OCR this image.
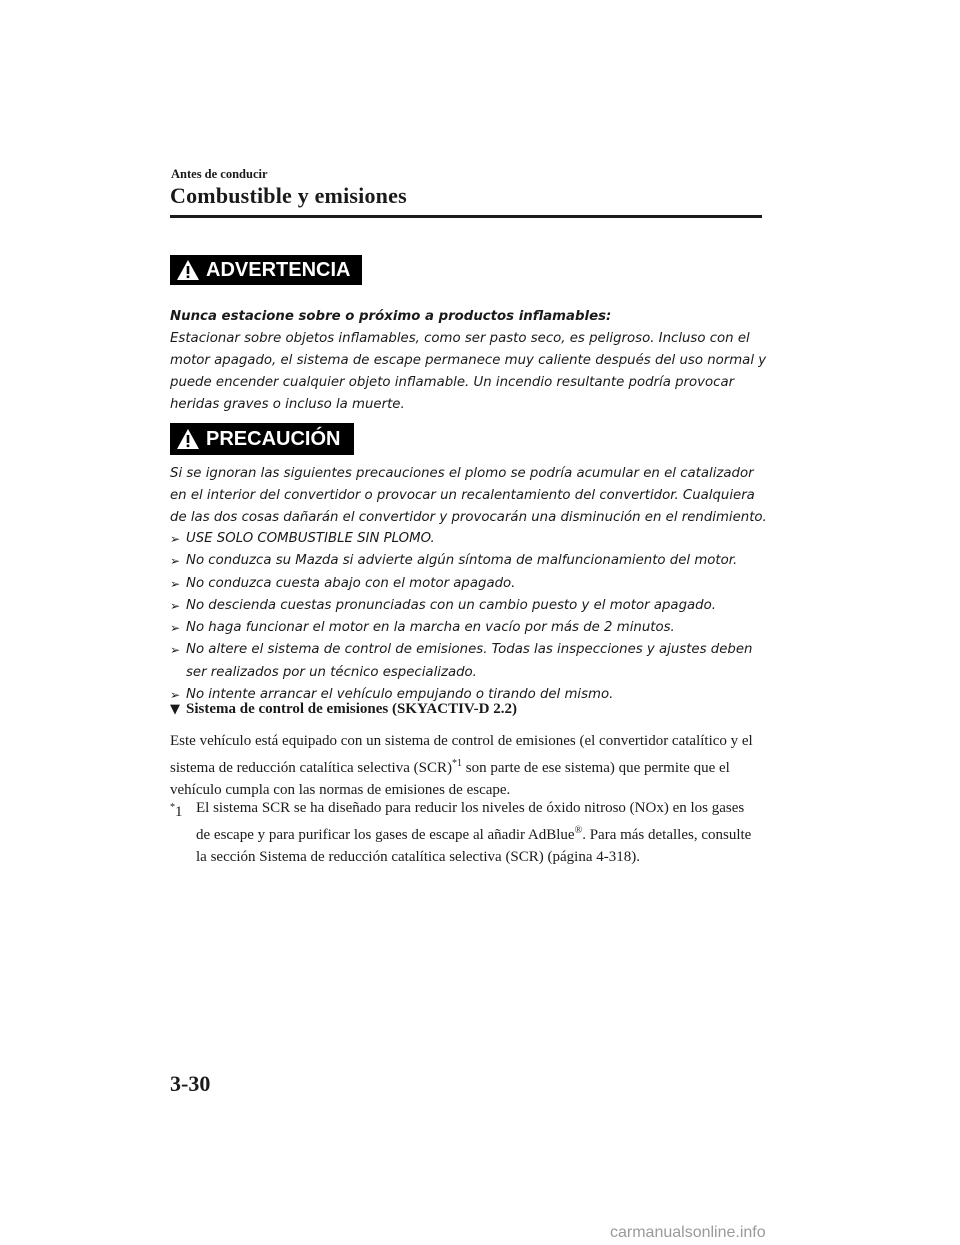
Antes de conducir
Combustible y emisiones
ADVERTENCIA

Nunca estacione sobre o próximo a productos inflamables:

Estacionar sobre objetos inflamables, como ser pasto seco, es peligroso. Incluso con el motor apagado, el sistema de escape permanece muy caliente después del uso normal y puede encender cualquier objeto inflamable. Un incendio resultante podría provocar heridas graves o incluso la muerte.

PRECAUCIÓN

Si se ignoran las siguientes precauciones el plomo se podría acumular en el catalizador en el interior del convertidor o provocar un recalentamiento del convertidor. Cualquiera de las dos cosas dañarán el convertidor y provocarán una disminución en el rendimiento.

➢ USE SOLO COMBUSTIBLE SIN PLOMO.
➢ No conduzca su Mazda si advierte algún síntoma de malfuncionamiento del motor.
➢ No conduzca cuesta abajo con el motor apagado.
➢ No descienda cuestas pronunciadas con un cambio puesto y el motor apagado.
➢ No haga funcionar el motor en la marcha en vacío por más de 2 minutos.
➢ No altere el sistema de control de emisiones. Todas las inspecciones y ajustes deben ser realizados por un técnico especializado.
➢ No intente arrancar el vehículo empujando o tirando del mismo.
▼ Sistema de control de emisiones (SKYACTIV-D 2.2)

Este vehículo está equipado con un sistema de control de emisiones (el convertidor catalítico y el sistema de reducción catalítica selectiva (SCR)$^{*1}$ son parte de ese sistema) que permite que el vehículo cumpla con las normas de emisiones de escape.

*1 El sistema SCR se ha diseñado para reducir los niveles de óxido nitroso (NOx) en los gases de escape y para purificar los gases de escape al añadir AdBlue®. Para más detalles, consulte la sección Sistema de reducción catalítica selectiva (SCR) (página 4-318).
3-30
carmanualsonline.info
